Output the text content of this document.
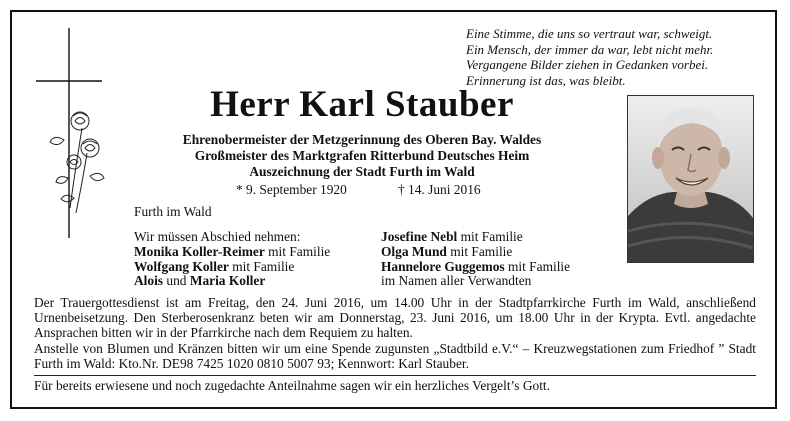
Eine Stimme, die uns so vertraut war, schweigt.
Ein Mensch, der immer da war, lebt nicht mehr.
Vergangene Bilder ziehen in Gedanken vorbei.
Erinnerung ist das, was bleibt.
Herr Karl Stauber
Ehrenobermeister der Metzgerinnung des Oberen Bay. Waldes
Großmeister des Marktgrafen Ritterbund Deutsches Heim
Auszeichnung der Stadt Furth im Wald
* 9. September 1920	† 14. Juni 2016
Furth im Wald
Wir müssen Abschied nehmen:
Monika Koller-Reimer mit Familie
Wolfgang Koller mit Familie
Alois und Maria Koller
Josefine Nebl mit Familie
Olga Mund mit Familie
Hannelore Guggemos mit Familie
im Namen aller Verwandten
Der Trauergottesdienst ist am Freitag, den 24. Juni 2016, um 14.00 Uhr in der Stadtpfarrkirche Furth im Wald, anschließend Urnenbeisetzung. Den Sterberosenkranz beten wir am Donnerstag, 23. Juni 2016, um 18.00 Uhr in der Krypta. Evtl. angedachte Ansprachen bitten wir in der Pfarrkirche nach dem Requiem zu halten.
Anstelle von Blumen und Kränzen bitten wir um eine Spende zugunsten „Stadtbild e.V.“ – Kreuzwegstationen zum Friedhof ” Stadt Furth im Wald: Kto.Nr. DE98 7425 1020 0810 5007 93; Kennwort: Karl Stauber.
Für bereits erwiesene und noch zugedachte Anteilnahme sagen wir ein herzliches Vergelt’s Gott.
